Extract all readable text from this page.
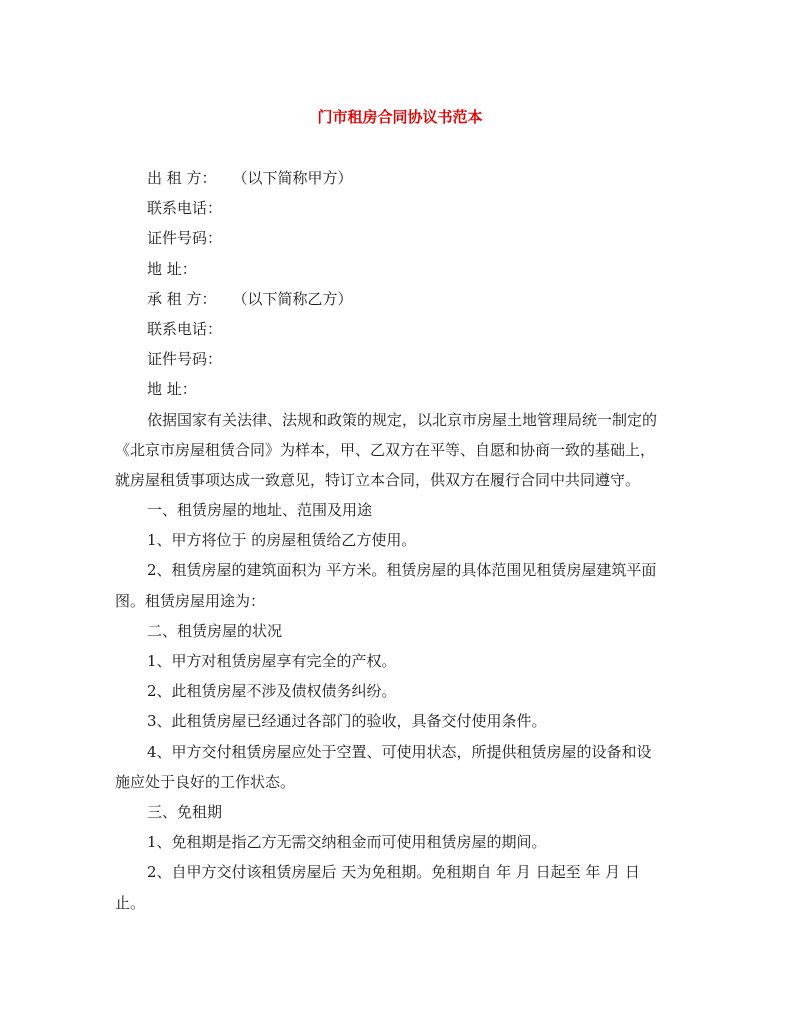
门市租房合同协议书范本
出 租 方： （以下简称甲方）
联系电话：
证件号码：
地 址：
承 租 方： （以下简称乙方）
联系电话：
证件号码：
地 址：
依据国家有关法律、法规和政策的规定，以北京市房屋土地管理局统一制定的
《北京市房屋租赁合同》为样本，甲、乙双方在平等、自愿和协商一致的基础上，
就房屋租赁事项达成一致意见，特订立本合同，供双方在履行合同中共同遵守。
一、租赁房屋的地址、范围及用途
1、甲方将位于 的房屋租赁给乙方使用。
2、租赁房屋的建筑面积为 平方米。租赁房屋的具体范围见租赁房屋建筑平面
图。租赁房屋用途为：
二、租赁房屋的状况
1、甲方对租赁房屋享有完全的产权。
2、此租赁房屋不涉及债权债务纠纷。
3、此租赁房屋已经通过各部门的验收，具备交付使用条件。
4、甲方交付租赁房屋应处于空置、可使用状态，所提供租赁房屋的设备和设
施应处于良好的工作状态。
三、免租期
1、免租期是指乙方无需交纳租金而可使用租赁房屋的期间。
2、自甲方交付该租赁房屋后 天为免租期。免租期自 年 月 日起至 年 月 日
止。
